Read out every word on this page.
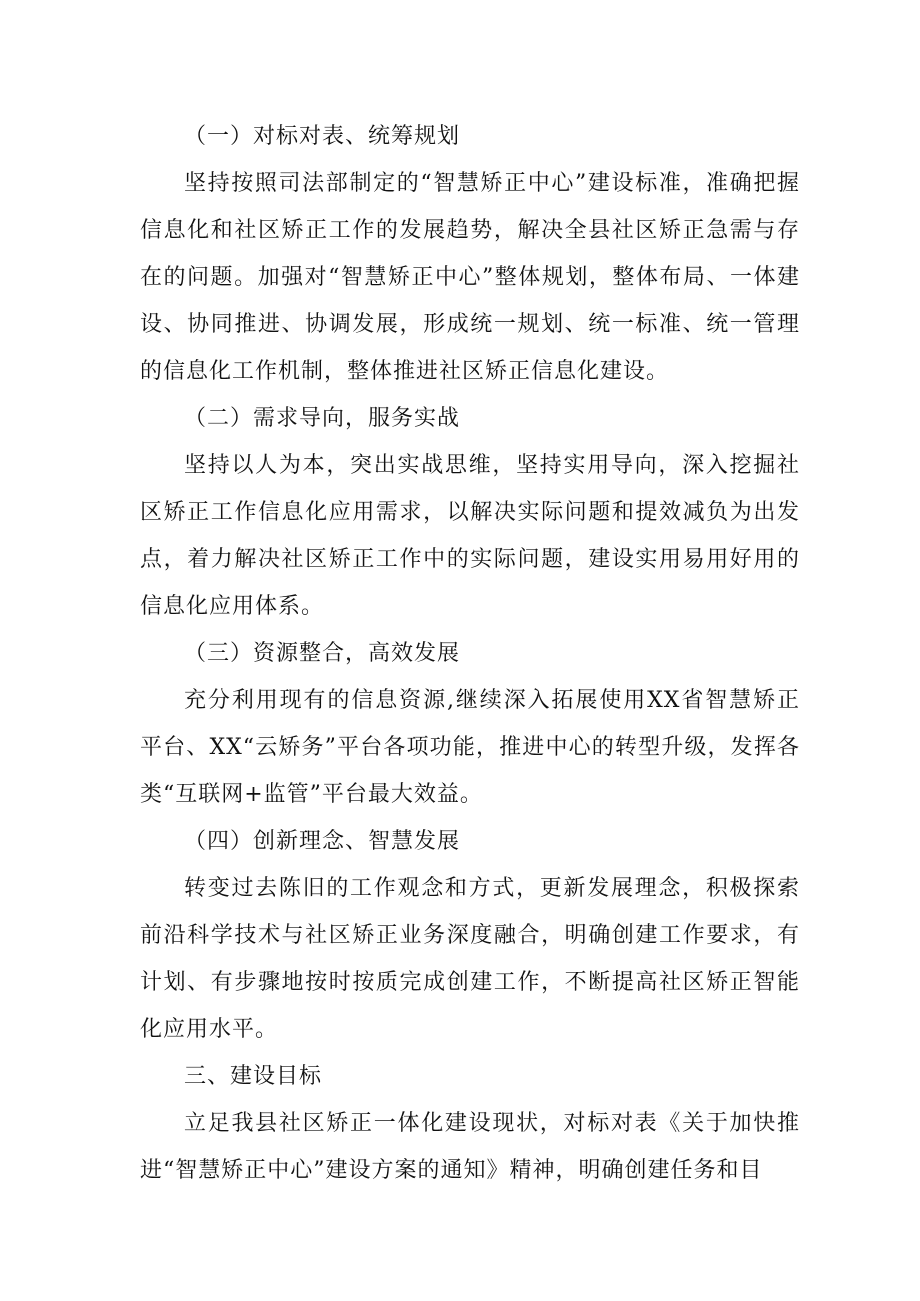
（一）对标对表、统筹规划

坚持按照司法部制定的“智慧矫正中心”建设标准，准确把握信息化和社区矫正工作的发展趋势，解决全县社区矫正急需与存在的问题。加强对“智慧矫正中心”整体规划，整体布局、一体建设、协同推进、协调发展，形成统一规划、统一标准、统一管理的信息化工作机制，整体推进社区矫正信息化建设。

（二）需求导向，服务实战

坚持以人为本，突出实战思维，坚持实用导向，深入挖掘社区矫正工作信息化应用需求，以解决实际问题和提效减负为出发点，着力解决社区矫正工作中的实际问题，建设实用易用好用的信息化应用体系。

（三）资源整合，高效发展

充分利用现有的信息资源,继续深入拓展使用XX省智慧矫正平台、XX“云矫务”平台各项功能，推进中心的转型升级，发挥各类“互联网+监管”平台最大效益。

（四）创新理念、智慧发展

转变过去陈旧的工作观念和方式，更新发展理念，积极探索前沿科学技术与社区矫正业务深度融合，明确创建工作要求，有计划、有步骤地按时按质完成创建工作，不断提高社区矫正智能化应用水平。

三、建设目标

立足我县社区矫正一体化建设现状，对标对表《关于加快推进“智慧矫正中心”建设方案的通知》精神，明确创建任务和目
